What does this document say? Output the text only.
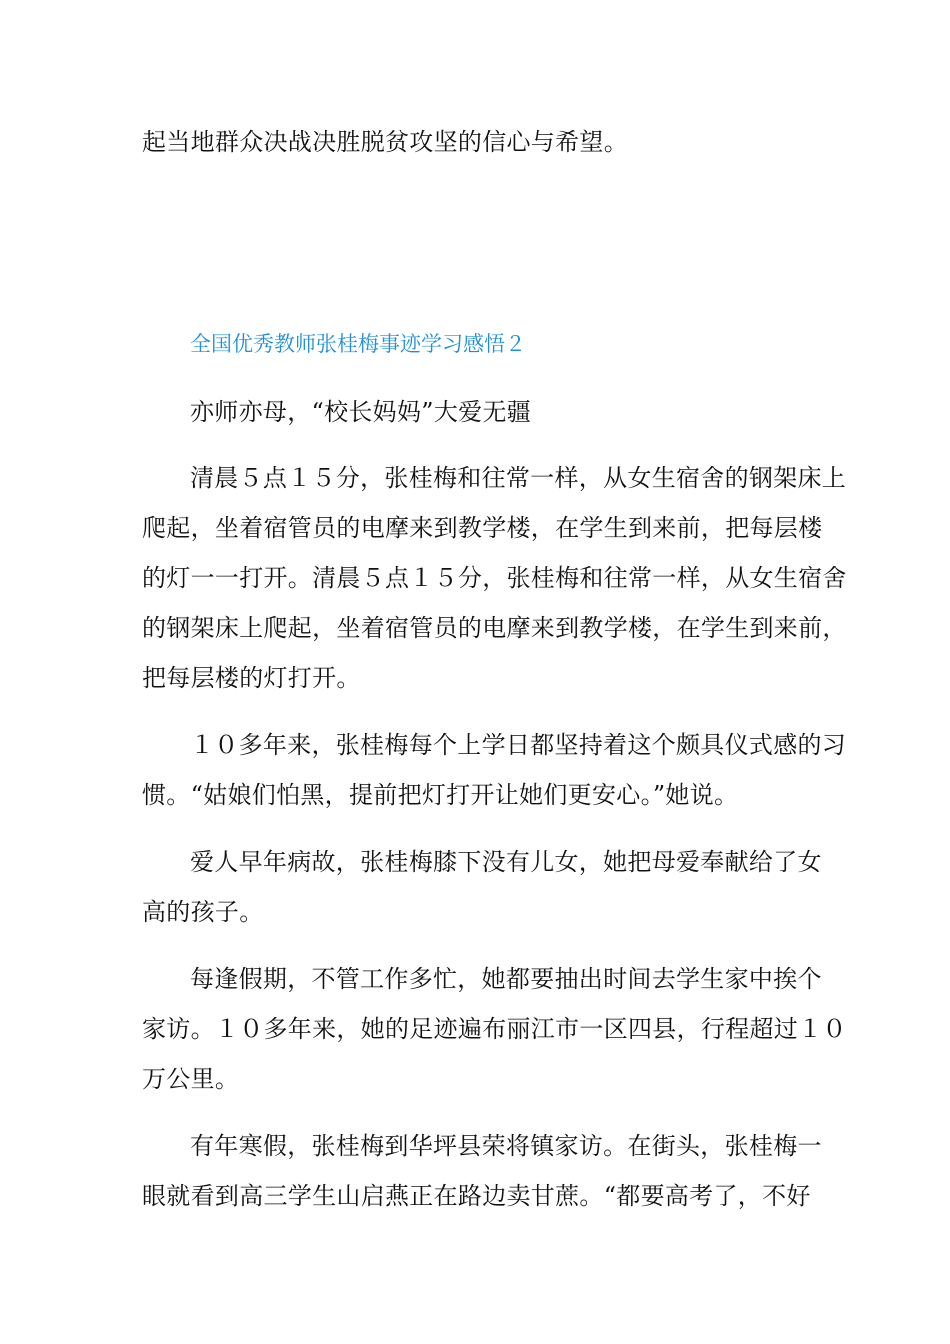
起当地群众决战决胜脱贫攻坚的信心与希望。
全国优秀教师张桂梅事迹学习感悟２
亦师亦母，“校长妈妈”大爱无疆
清晨５点１５分，张桂梅和往常一样，从女生宿舍的钢架床上
爬起，坐着宿管员的电摩来到教学楼，在学生到来前，把每层楼
的灯一一打开。清晨５点１５分，张桂梅和往常一样，从女生宿舍
的钢架床上爬起，坐着宿管员的电摩来到教学楼，在学生到来前，
把每层楼的灯打开。
１０多年来，张桂梅每个上学日都坚持着这个颇具仪式感的习
惯。“姑娘们怕黑，提前把灯打开让她们更安心。”她说。
爱人早年病故，张桂梅膝下没有儿女，她把母爱奉献给了女
高的孩子。
每逢假期，不管工作多忙，她都要抽出时间去学生家中挨个
家访。１０多年来，她的足迹遍布丽江市一区四县，行程超过１０
万公里。
有年寒假，张桂梅到华坪县荣将镇家访。在街头，张桂梅一
眼就看到高三学生山启燕正在路边卖甘蔗。“都要高考了，不好
